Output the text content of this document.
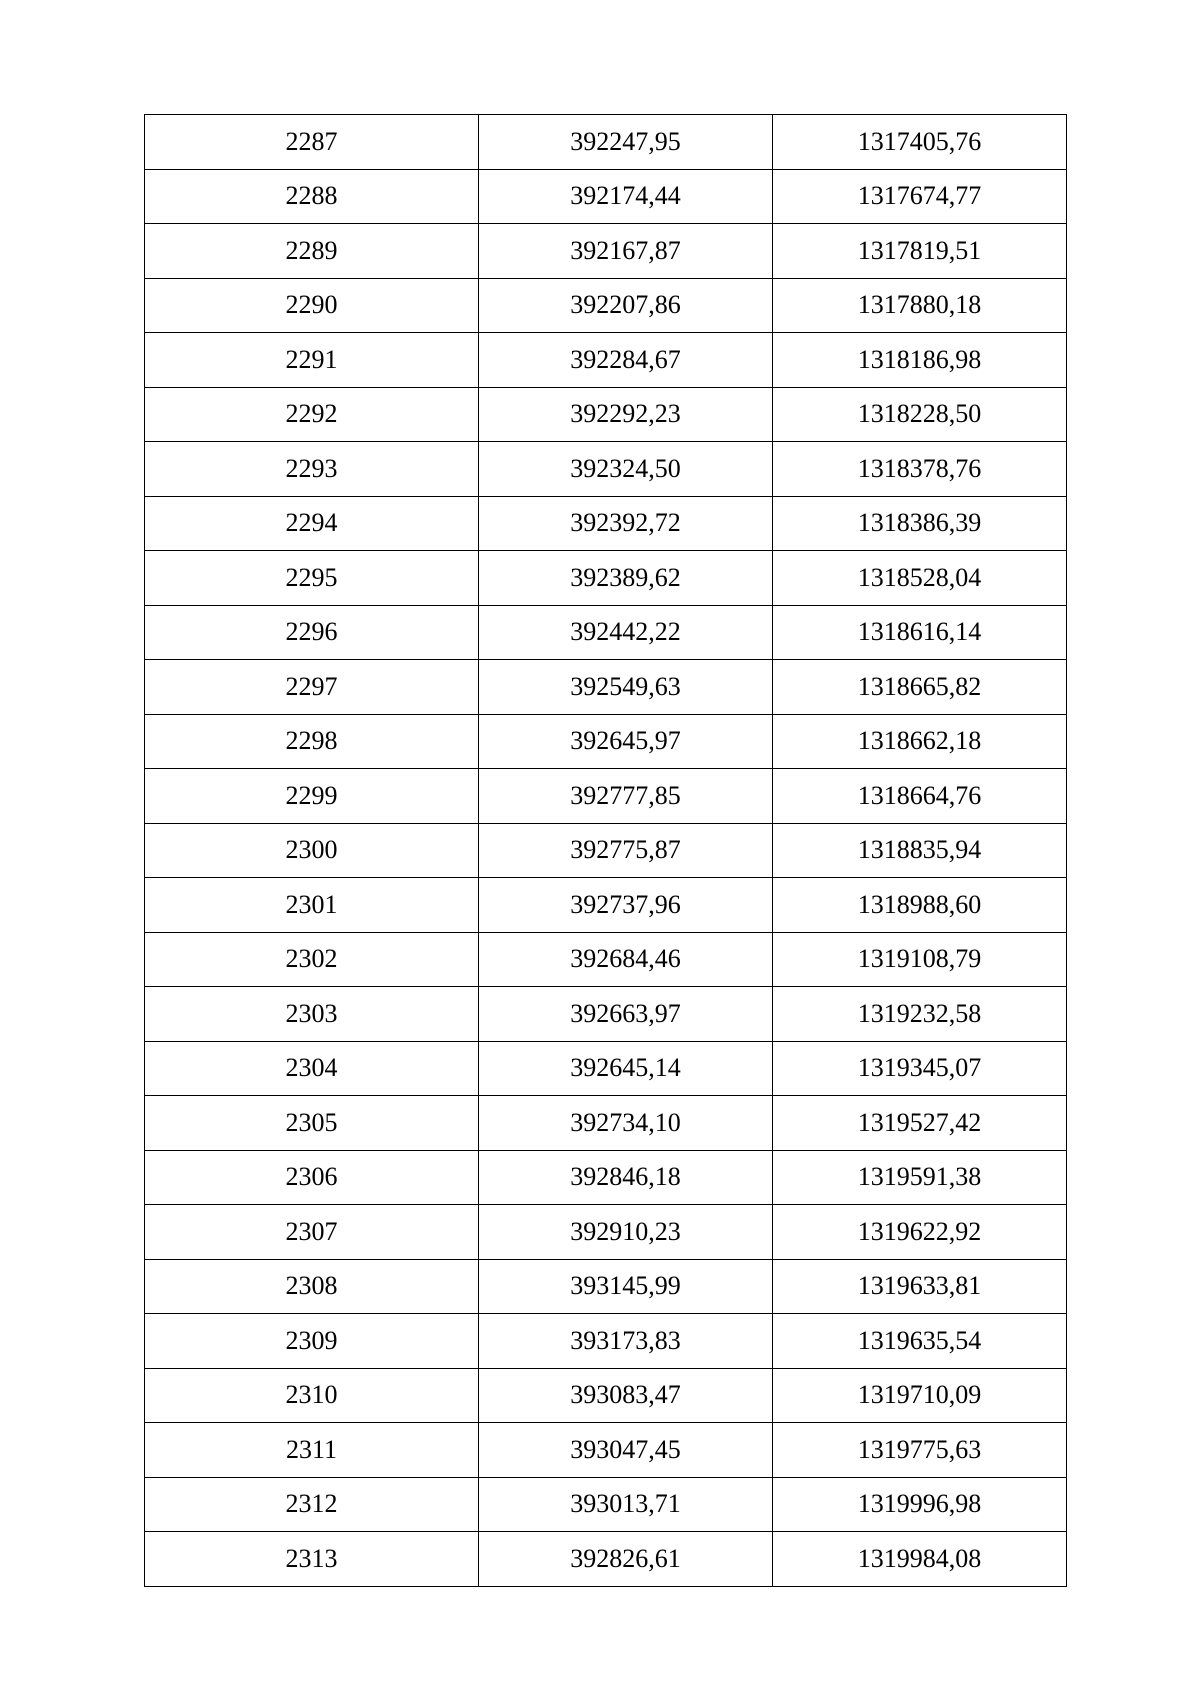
2287	392247,95	1317405,76
2288	392174,44	1317674,77
2289	392167,87	1317819,51
2290	392207,86	1317880,18
2291	392284,67	1318186,98
2292	392292,23	1318228,50
2293	392324,50	1318378,76
2294	392392,72	1318386,39
2295	392389,62	1318528,04
2296	392442,22	1318616,14
2297	392549,63	1318665,82
2298	392645,97	1318662,18
2299	392777,85	1318664,76
2300	392775,87	1318835,94
2301	392737,96	1318988,60
2302	392684,46	1319108,79
2303	392663,97	1319232,58
2304	392645,14	1319345,07
2305	392734,10	1319527,42
2306	392846,18	1319591,38
2307	392910,23	1319622,92
2308	393145,99	1319633,81
2309	393173,83	1319635,54
2310	393083,47	1319710,09
2311	393047,45	1319775,63
2312	393013,71	1319996,98
2313	392826,61	1319984,08
